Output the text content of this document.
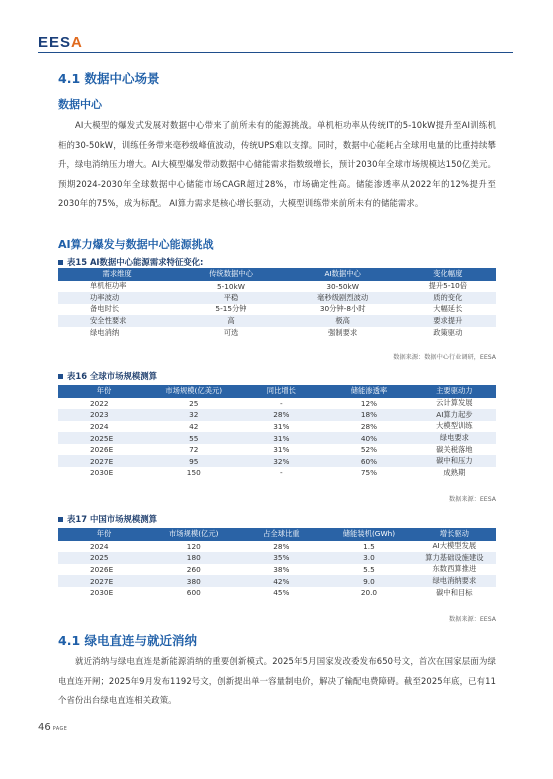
EESA
4.1 数据中心场景
数据中心
AI大模型的爆发式发展对数据中心带来了前所未有的能源挑战。单机柜功率从传统IT的5-10kW提升至AI训练机柜的30-50kW，训练任务带来毫秒级峰值波动，传统UPS难以支撑。同时，数据中心能耗占全球用电量的比重持续攀升，绿电消纳压力增大。AI大模型爆发带动数据中心储能需求指数级增长，预计2030年全球市场规模达150亿美元。预期2024-2030年全球数据中心储能市场CAGR超过28%，市场确定性高。储能渗透率从2022年的12%提升至2030年的75%，成为标配。 AI算力需求是核心增长驱动，大模型训练带来前所未有的储能需求。
AI算力爆发与数据中心能源挑战
表15 AI数据中心能源需求特征变化:
需求维度	传统数据中心	AI数据中心	变化幅度
单机柜功率	5-10kW	30-50kW	提升5-10倍
功率波动	平稳	毫秒级剧烈波动	质的变化
备电时长	5-15分钟	30分钟-8小时	大幅延长
安全性要求	高	极高	要求提升
绿电消纳	可选	强制要求	政策驱动
数据来源：数据中心行业调研，EESA
表16 全球市场规模测算
年份	市场规模(亿美元)	同比增长	储能渗透率	主要驱动力
2022	25	-	12%	云计算发展
2023	32	28%	18%	AI算力起步
2024	42	31%	28%	大模型训练
2025E	55	31%	40%	绿电要求
2026E	72	31%	52%	碳关税落地
2027E	95	32%	60%	碳中和压力
2030E	150	-	75%	成熟期
数据来源：EESA
表17 中国市场规模测算
年份	市场规模(亿元)	占全球比重	储能装机(GWh)	增长驱动
2024	120	28%	1.5	AI大模型发展
2025	180	35%	3.0	算力基础设施建设
2026E	260	38%	5.5	东数西算推进
2027E	380	42%	9.0	绿电消纳要求
2030E	600	45%	20.0	碳中和目标
数据来源：EESA
4.1 绿电直连与就近消纳
就近消纳与绿电直连是新能源消纳的重要创新模式。2025年5月国家发改委发布650号文，首次在国家层面为绿电直连开闸；2025年9月发布1192号文，创新提出单一容量制电价，解决了输配电费障碍。截至2025年底，已有11个省份出台绿电直连相关政策。
46 PAGE
